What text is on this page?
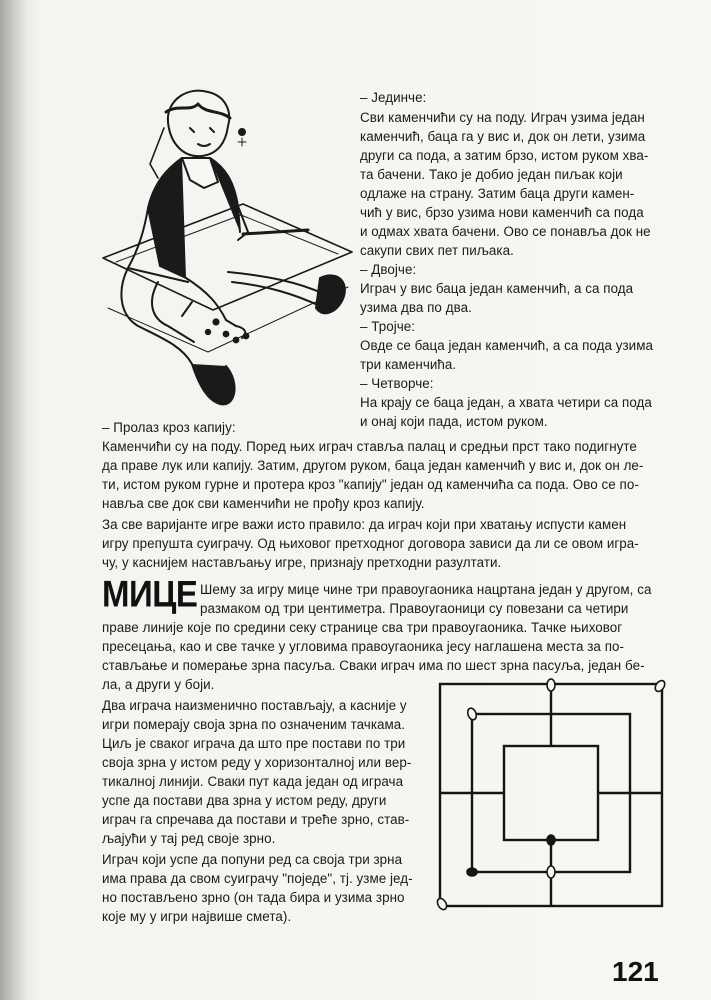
– Јединче:
Сви каменчићи су на поду. Играч узима један
каменчић, баца га у вис и, док он лети, узима
други са пода, а затим брзо, истом руком хва-
та бачени. Тако је добио један пиљак који
одлаже на страну. Затим баца други камен-
чић у вис, брзо узима нови каменчић са пода
и одмах хвата бачени. Ово се понавља док не
сакупи свих пет пиљака.
– Двојче:
Играч у вис баца један каменчић, а са пода
узима два по два.
– Тројче:
Овде се баца један каменчић, а са пода узима
три каменчића.
– Четворче:
На крају се баца један, а хвата четири са пода
и онај који пада, истом руком.
– Пролаз кроз капију:
Каменчићи су на поду. Поред њих играч ставља палац и средњи прст тако подигнуте
да праве лук или капију. Затим, другом руком, баца један каменчић у вис и, док он ле-
ти, истом руком гурне и протера кроз "капију" један од каменчића са пода. Ово се по-
навља све док сви каменчићи не прођу кроз капију.
За све варијанте игре важи исто правило: да играч који при хватању испусти камен
игру препушта суиграчу. Од њиховог претходног договора зависи да ли се овом игра-
чу, у каснијем настављању игре, признају претходни разултати.
МИЦЕ Шему за игру мице чине три правоугаоника нацртана један у другом, са
размаком од три центиметра. Правоугаоници су повезани са четири
праве линије које по средини секу странице сва три правоугаоника. Тачке њиховог
пресецања, као и све тачке у угловима правоугаоника јесу наглашена места за по-
стављање и померање зрна пасуља. Сваки играч има по шест зрна пасуља, један бе-
ла, а други у боји.
Два играча наизменично постављају, а касније у
игри померају своја зрна по означеним тачкама.
Циљ је сваког играча да што пре постави по три
своја зрна у истом реду у хоризонталној или вер-
тикалној линији. Сваки пут када један од играча
успе да постави два зрна у истом реду, други
играч га спречава да постави и треће зрно, став-
љајући у тај ред своје зрно.
Играч који успе да попуни ред са своја три зрна
има права да свом суиграчу "поједе", тј. узме јед-
но постављено зрно (он тада бира и узима зрно
које му у игри највише смета).
121
